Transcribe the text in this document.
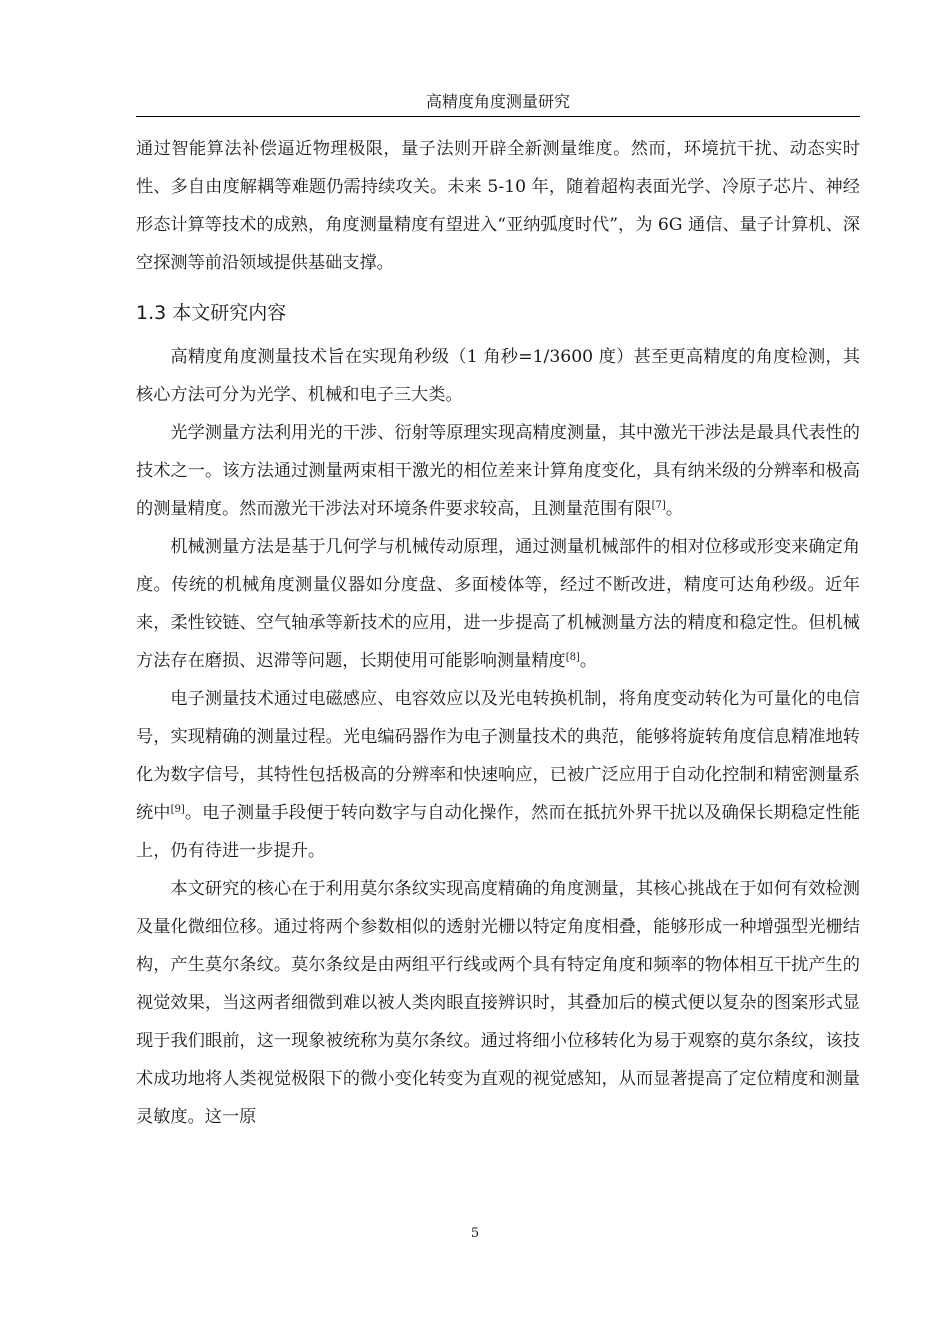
高精度角度测量研究

通过智能算法补偿逼近物理极限，量子法则开辟全新测量维度。然而，环境抗干扰、动态实时性、多自由度解耦等难题仍需持续攻关。未来 5-10 年，随着超构表面光学、冷原子芯片、神经形态计算等技术的成熟，角度测量精度有望进入“亚纳弧度时代”，为 6G 通信、量子计算机、深空探测等前沿领域提供基础支撑。

1.3 本文研究内容

高精度角度测量技术旨在实现角秒级（1 角秒=1/3600 度）甚至更高精度的角度检测，其核心方法可分为光学、机械和电子三大类。

光学测量方法利用光的干涉、衍射等原理实现高精度测量，其中激光干涉法是最具代表性的技术之一。该方法通过测量两束相干激光的相位差来计算角度变化，具有纳米级的分辨率和极高的测量精度。然而激光干涉法对环境条件要求较高，且测量范围有限[7]。

机械测量方法是基于几何学与机械传动原理，通过测量机械部件的相对位移或形变来确定角度。传统的机械角度测量仪器如分度盘、多面棱体等，经过不断改进，精度可达角秒级。近年来，柔性铰链、空气轴承等新技术的应用，进一步提高了机械测量方法的精度和稳定性。但机械方法存在磨损、迟滞等问题，长期使用可能影响测量精度[8]。

电子测量技术通过电磁感应、电容效应以及光电转换机制，将角度变动转化为可量化的电信号，实现精确的测量过程。光电编码器作为电子测量技术的典范，能够将旋转角度信息精准地转化为数字信号，其特性包括极高的分辨率和快速响应，已被广泛应用于自动化控制和精密测量系统中[9]。电子测量手段便于转向数字与自动化操作，然而在抵抗外界干扰以及确保长期稳定性能上，仍有待进一步提升。

本文研究的核心在于利用莫尔条纹实现高度精确的角度测量，其核心挑战在于如何有效检测及量化微细位移。通过将两个参数相似的透射光栅以特定角度相叠，能够形成一种增强型光栅结构，产生莫尔条纹。莫尔条纹是由两组平行线或两个具有特定角度和频率的物体相互干扰产生的视觉效果，当这两者细微到难以被人类肉眼直接辨识时，其叠加后的模式便以复杂的图案形式显现于我们眼前，这一现象被统称为莫尔条纹。通过将细小位移转化为易于观察的莫尔条纹，该技术成功地将人类视觉极限下的微小变化转变为直观的视觉感知，从而显著提高了定位精度和测量灵敏度。这一原

5
